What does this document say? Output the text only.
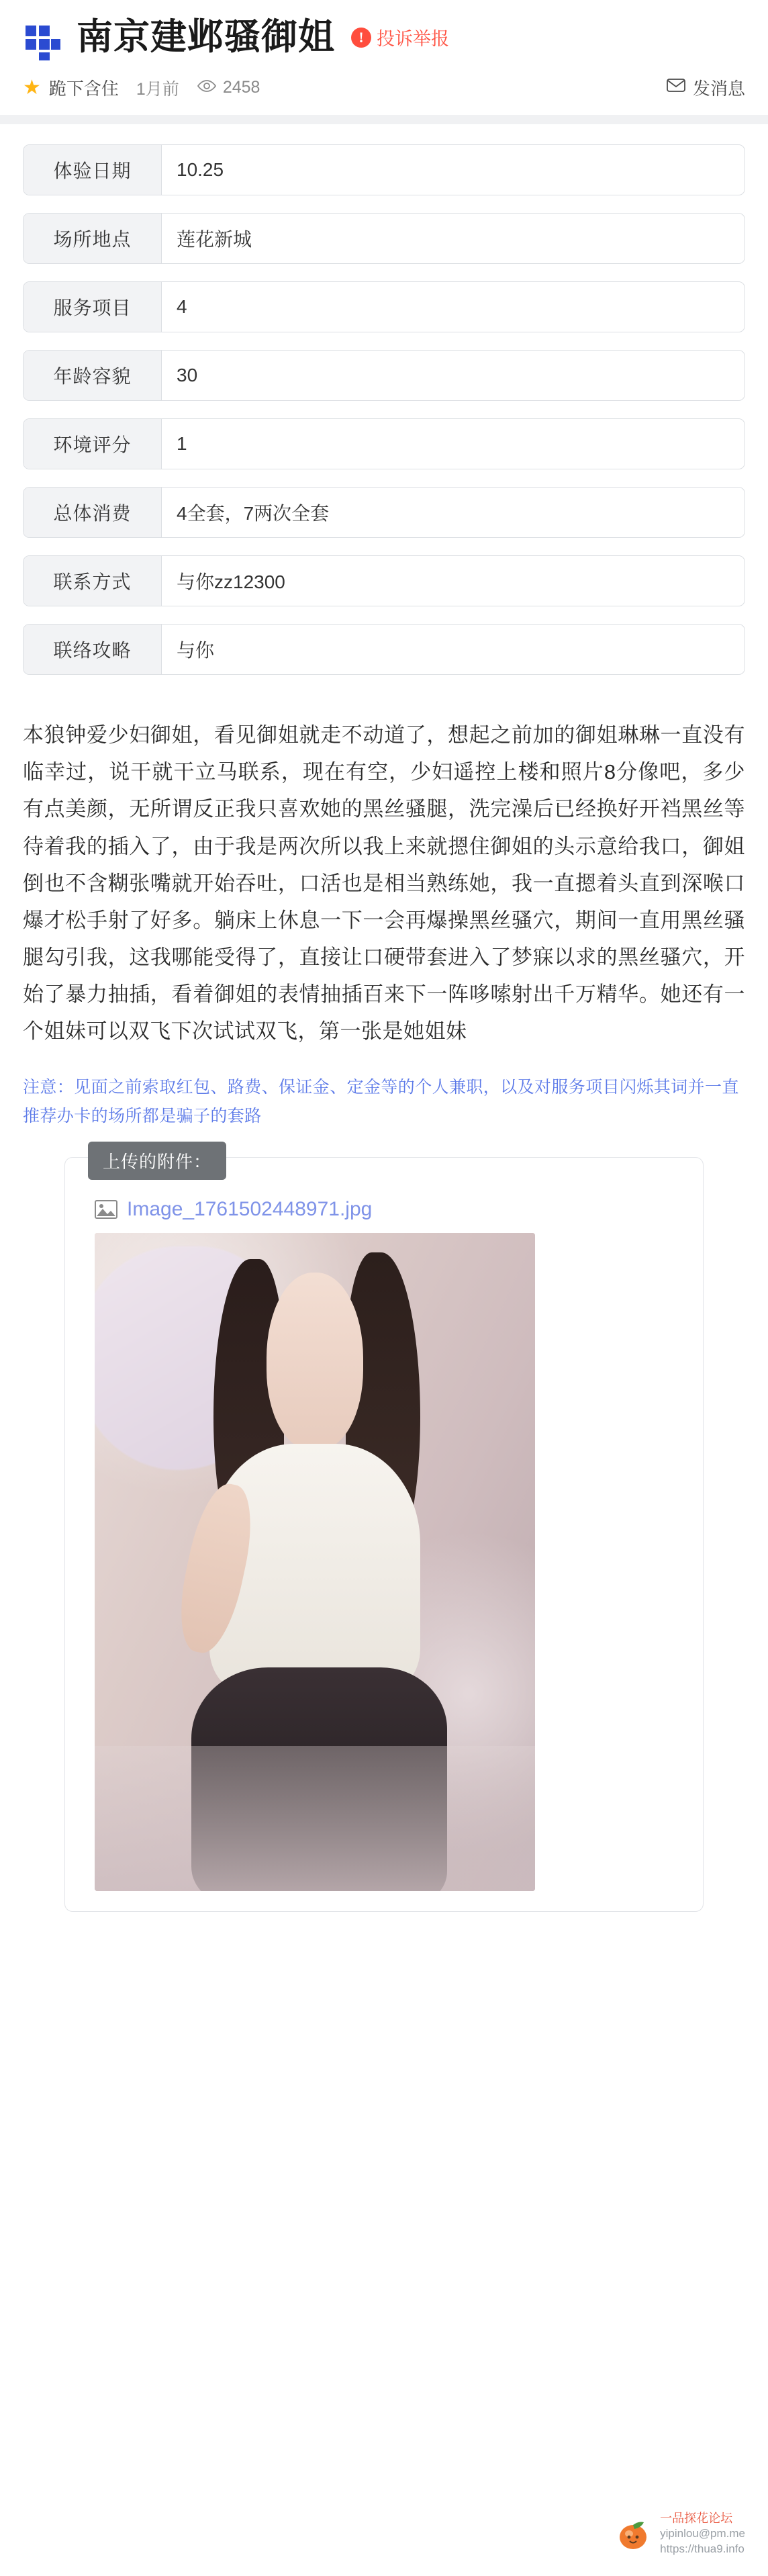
南京建邺骚御姐	! 投诉举报
★ 跪下含住 1月前	2458	发消息
体验日期	10.25
场所地点	莲花新城
服务项目	4
年龄容貌	30
环境评分	1
总体消费	4全套，7两次全套
联系方式	与你zz12300
联络攻略	与你
本狼钟爱少妇御姐，看见御姐就走不动道了，想起之前加的御姐琳琳一直没有临幸过，说干就干立马联系，现在有空，少妇遥控上楼和照片8分像吧，多少有点美颜，无所谓反正我只喜欢她的黑丝骚腿，洗完澡后已经换好开裆黑丝等待着我的插入了，由于我是两次所以我上来就摁住御姐的头示意给我口，御姐倒也不含糊张嘴就开始吞吐，口活也是相当熟练她，我一直摁着头直到深喉口爆才松手射了好多。躺床上休息一下一会再爆操黑丝骚穴，期间一直用黑丝骚腿勾引我，这我哪能受得了，直接让口硬带套进入了梦寐以求的黑丝骚穴，开始了暴力抽插，看着御姐的表情抽插百来下一阵哆嗦射出千万精华。她还有一个姐妹可以双飞下次试试双飞，第一张是她姐妹
注意：见面之前索取红包、路费、保证金、定金等的个人兼职，以及对服务项目闪烁其词并一直推荐办卡的场所都是骗子的套路
上传的附件：
Image_1761502448971.jpg
一品探花论坛
yipinlou@pm.me
https://thua9.info
